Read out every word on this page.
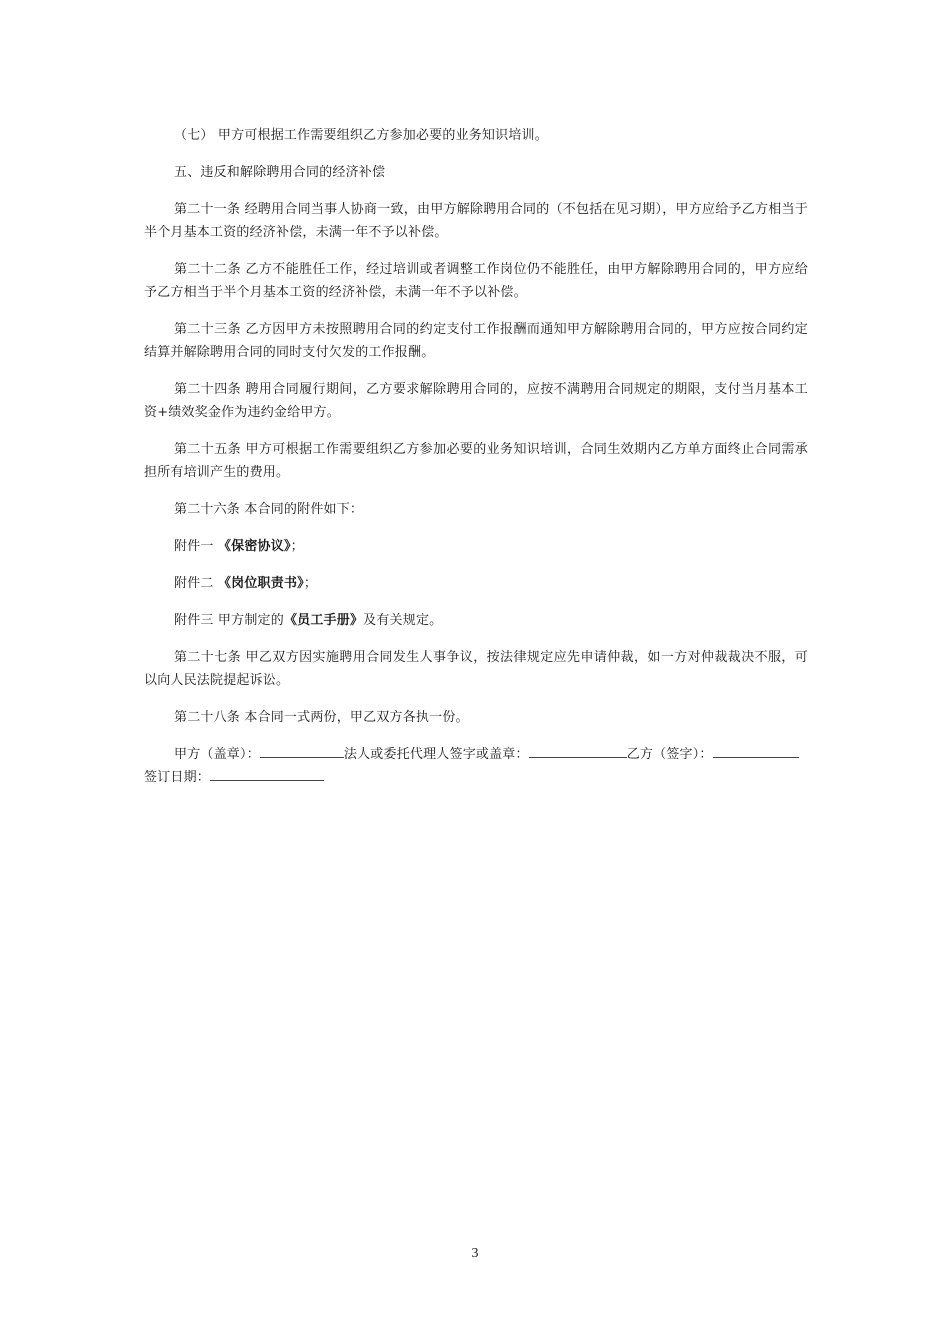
（七） 甲方可根据工作需要组织乙方参加必要的业务知识培训。

五、违反和解除聘用合同的经济补偿

第二十一条 经聘用合同当事人协商一致，由甲方解除聘用合同的（不包括在见习期），甲方应给予乙方相当于半个月基本工资的经济补偿，未满一年不予以补偿。

第二十二条 乙方不能胜任工作，经过培训或者调整工作岗位仍不能胜任，由甲方解除聘用合同的，甲方应给予乙方相当于半个月基本工资的经济补偿，未满一年不予以补偿。

第二十三条 乙方因甲方未按照聘用合同的约定支付工作报酬而通知甲方解除聘用合同的，甲方应按合同约定结算并解除聘用合同的同时支付欠发的工作报酬。

第二十四条 聘用合同履行期间，乙方要求解除聘用合同的，应按不满聘用合同规定的期限，支付当月基本工资+绩效奖金作为违约金给甲方。

第二十五条 甲方可根据工作需要组织乙方参加必要的业务知识培训，合同生效期内乙方单方面终止合同需承担所有培训产生的费用。

第二十六条 本合同的附件如下：

附件一 《保密协议》；

附件二 《岗位职责书》；

附件三 甲方制定的《员工手册》及有关规定。

第二十七条 甲乙双方因实施聘用合同发生人事争议，按法律规定应先申请仲裁，如一方对仲裁裁决不服，可以向人民法院提起诉讼。

第二十八条 本合同一式两份，甲乙双方各执一份。

甲方（盖章）：	法人或委托代理人签字或盖章：	乙方（签字）：

签订日期：

3
